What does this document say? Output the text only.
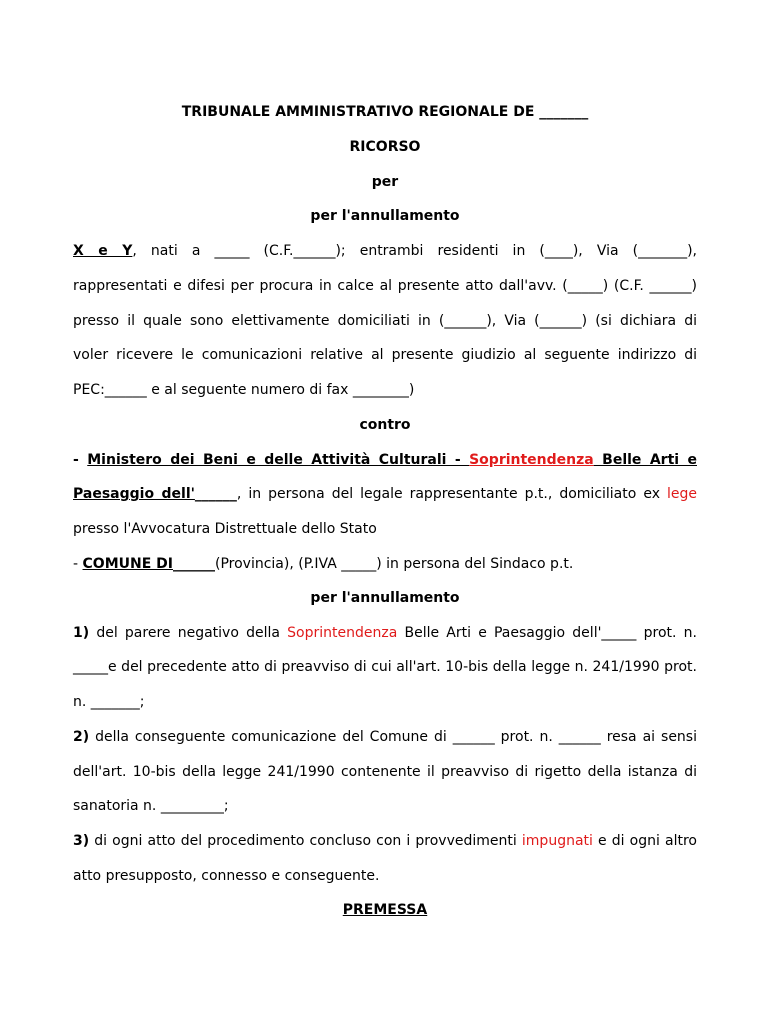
TRIBUNALE AMMINISTRATIVO REGIONALE DE _______
RICORSO
per
per l'annullamento
X e Y, nati a _____ (C.F.______); entrambi residenti in (____), Via (_______),
rappresentati e difesi per procura in calce al presente atto dall'avv. (_____) (C.F. ______)
presso il quale sono elettivamente domiciliati in (______), Via (______) (si dichiara di
voler ricevere le comunicazioni relative al presente giudizio al seguente indirizzo di
PEC:______ e al seguente numero di fax ________)
contro
- Ministero dei Beni e delle Attività Culturali - Soprintendenza Belle Arti e
Paesaggio dell'______, in persona del legale rappresentante p.t., domiciliato ex lege
presso l'Avvocatura Distrettuale dello Stato
- COMUNE DI______(Provincia), (P.IVA _____) in persona del Sindaco p.t.
per l'annullamento
1) del parere negativo della Soprintendenza Belle Arti e Paesaggio dell'_____ prot. n.
_____e del precedente atto di preavviso di cui all'art. 10-bis della legge n. 241/1990 prot.
n. _______;
2) della conseguente comunicazione del Comune di ______ prot. n. ______ resa ai sensi
dell'art. 10-bis della legge 241/1990 contenente il preavviso di rigetto della istanza di
sanatoria n. _________;
3) di ogni atto del procedimento concluso con i provvedimenti impugnati e di ogni altro
atto presupposto, connesso e conseguente.
PREMESSA
